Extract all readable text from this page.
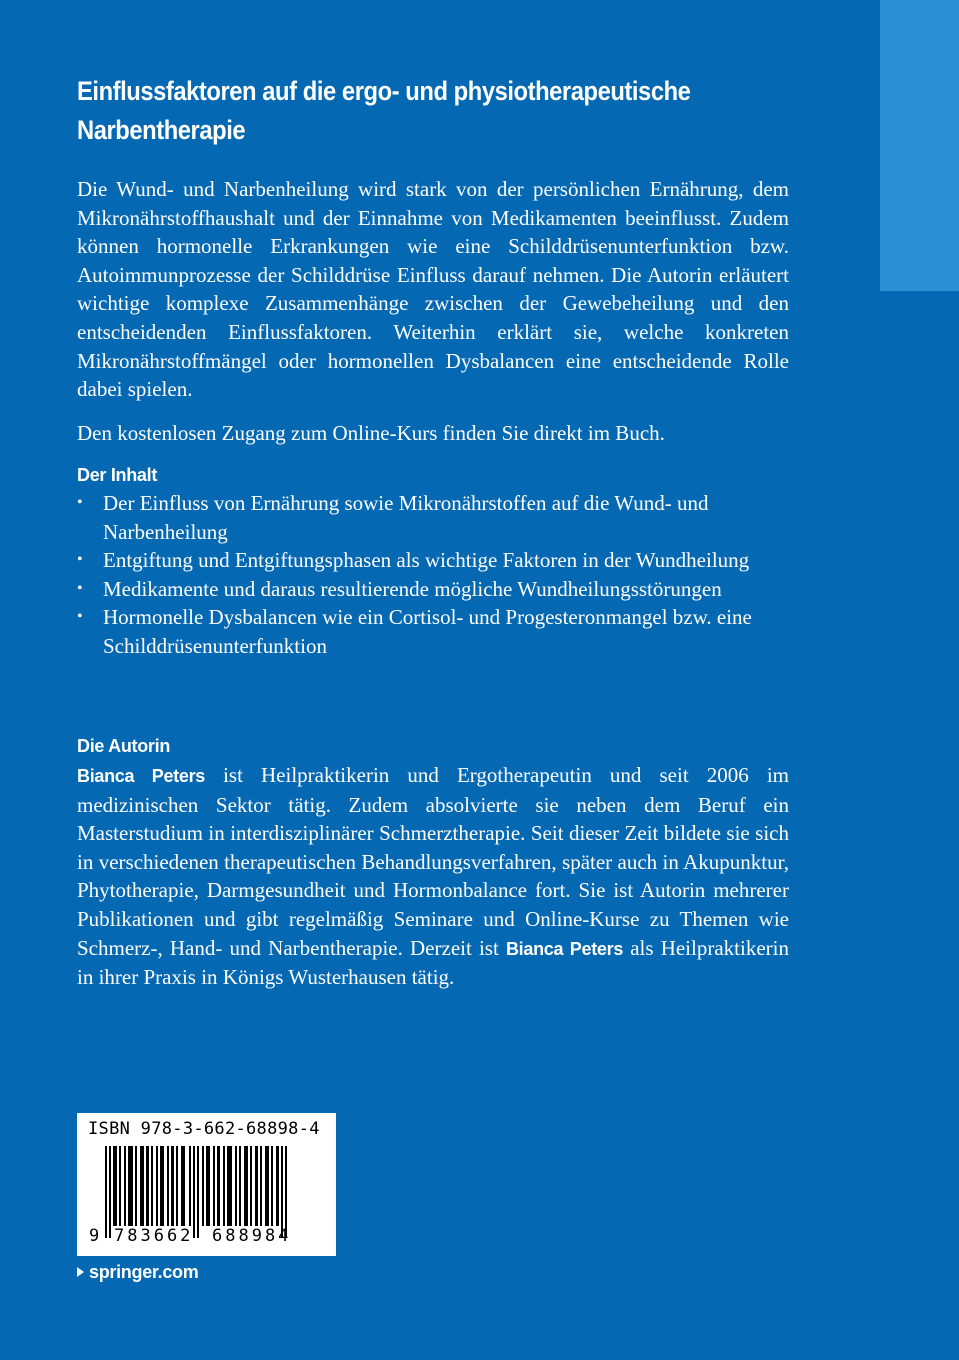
Einflussfaktoren auf die ergo- und physiotherapeutische Narbentherapie

Die Wund- und Narbenheilung wird stark von der persönlichen Ernährung, dem Mikronährstoffhaushalt und der Einnahme von Medikamenten beeinflusst. Zudem können hormonelle Erkrankungen wie eine Schilddrüsenunterfunktion bzw. Autoimmunprozesse der Schilddrüse Einfluss darauf nehmen. Die Autorin erläutert wichtige komplexe Zusammenhänge zwischen der Gewebeheilung und den entscheidenden Einflussfaktoren. Weiterhin erklärt sie, welche konkreten Mikronährstoffmängel oder hormonellen Dysbalancen eine entscheidende Rolle dabei spielen.

Den kostenlosen Zugang zum Online-Kurs finden Sie direkt im Buch.

Der Inhalt
• Der Einfluss von Ernährung sowie Mikronährstoffen auf die Wund- und Narbenheilung
• Entgiftung und Entgiftungsphasen als wichtige Faktoren in der Wundheilung
• Medikamente und daraus resultierende mögliche Wundheilungsstörungen
• Hormonelle Dysbalancen wie ein Cortisol- und Progesteronmangel bzw. eine Schilddrüsenunterfunktion
Die Autorin

Bianca Peters ist Heilpraktikerin und Ergotherapeutin und seit 2006 im medizinischen Sektor tätig. Zudem absolvierte sie neben dem Beruf ein Masterstudium in interdisziplinärer Schmerztherapie. Seit dieser Zeit bildete sie sich in verschiedenen therapeutischen Behandlungsverfahren, später auch in Akupunktur, Phytotherapie, Darmgesundheit und Hormonbalance fort. Sie ist Autorin mehrerer Publikationen und gibt regelmäßig Seminare und Online-Kurse zu Themen wie Schmerz-, Hand- und Narbentherapie. Derzeit ist Bianca Peters als Heilpraktikerin in ihrer Praxis in Königs Wusterhausen tätig.

ISBN 978-3-662-68898-4
9 783662 688984
springer.com
